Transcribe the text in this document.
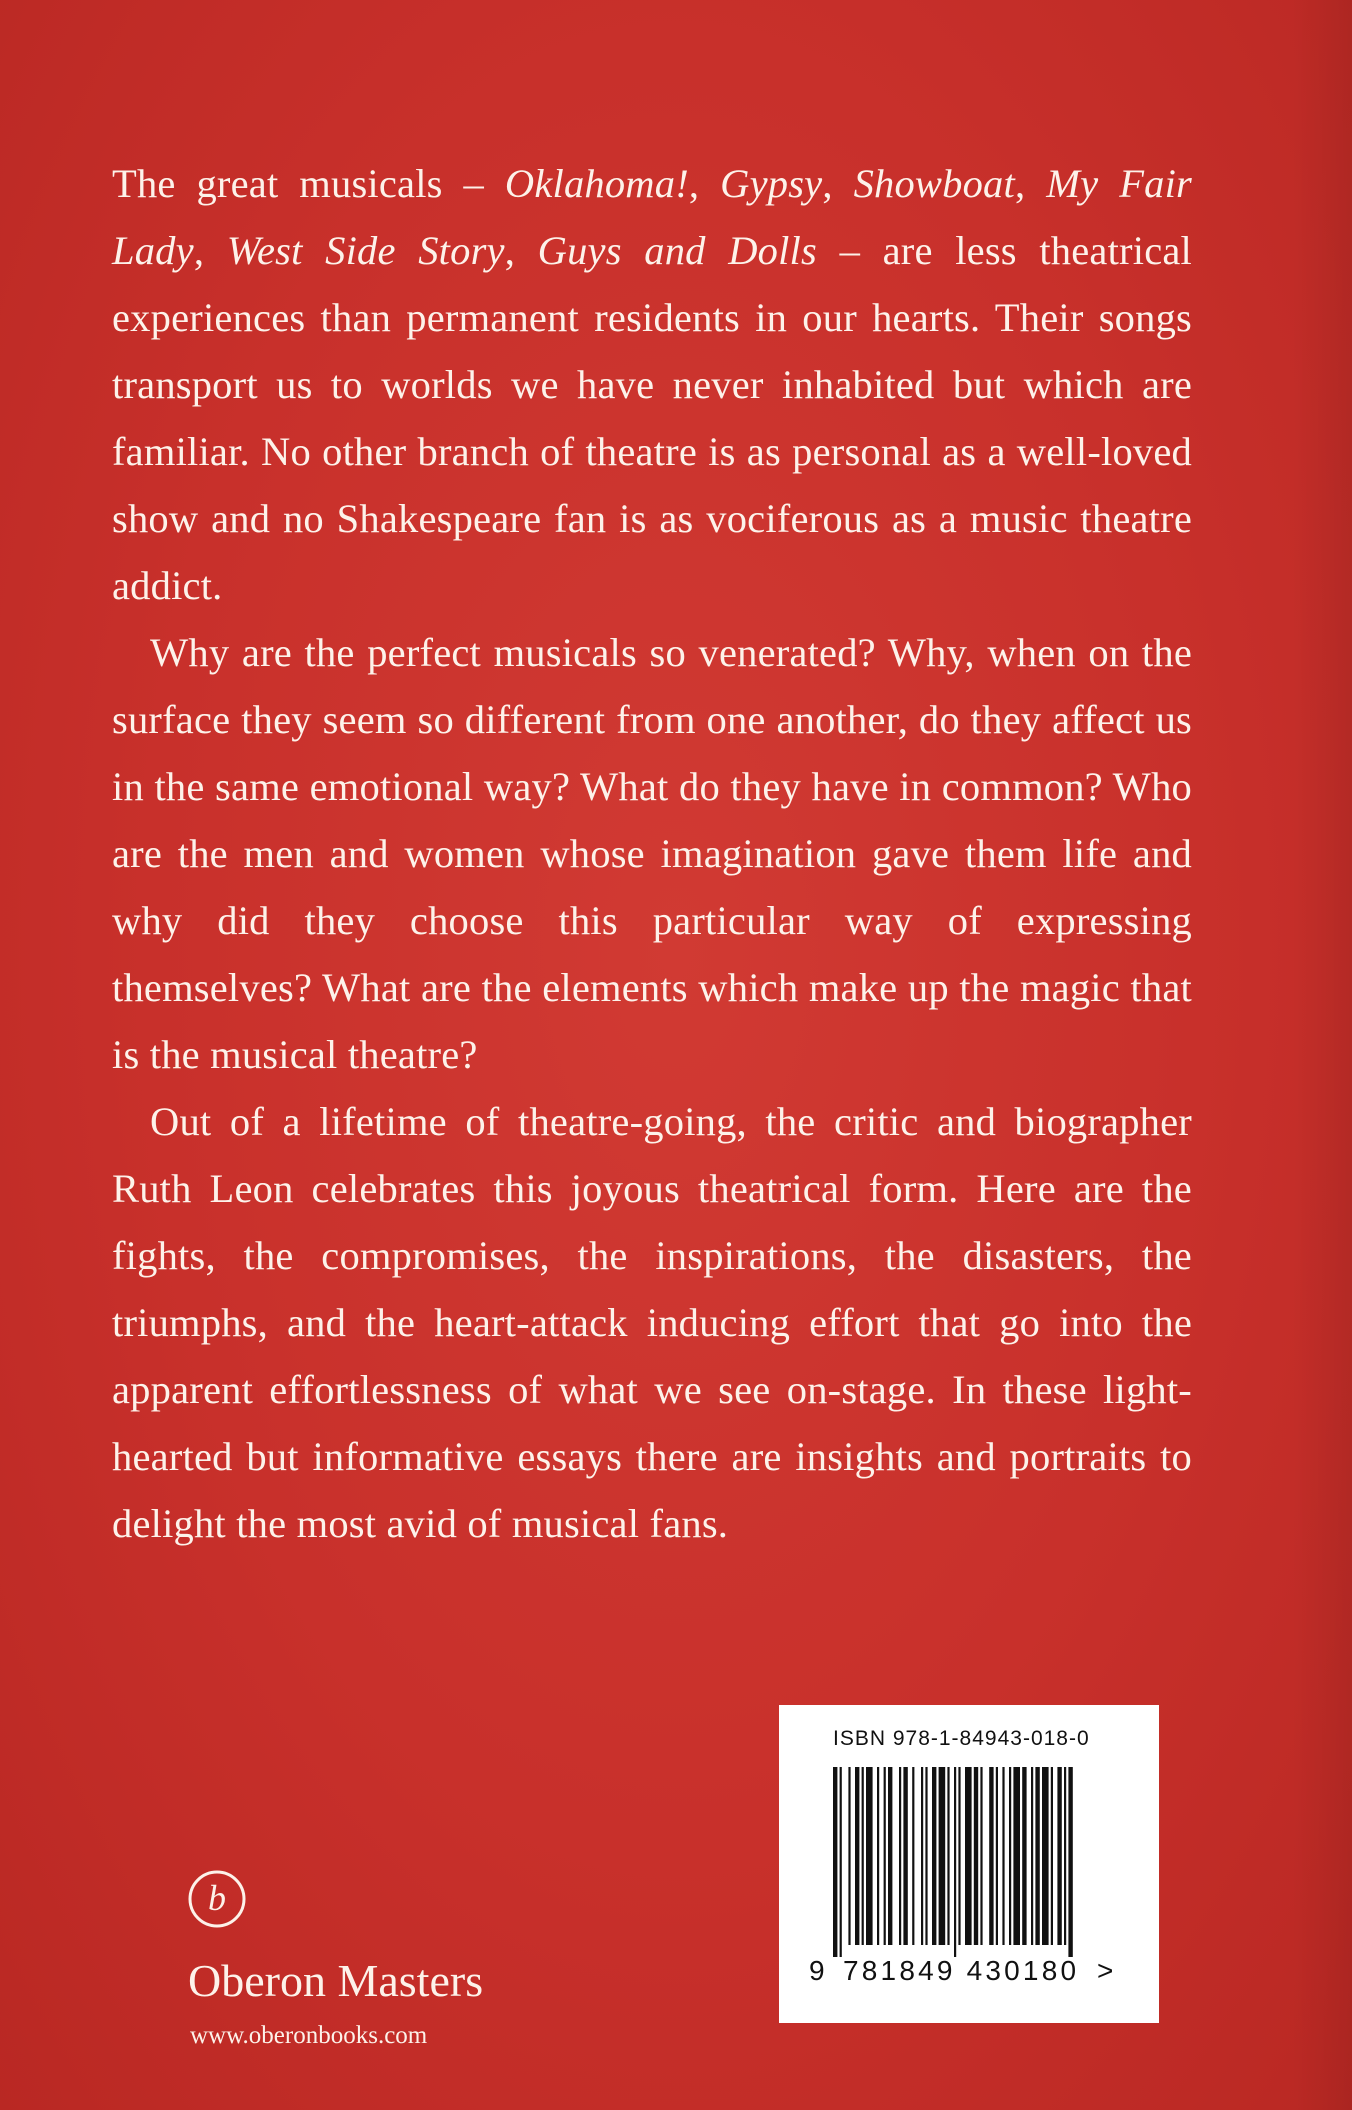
The great musicals – Oklahoma!, Gypsy, Showboat, My Fair Lady, West Side Story, Guys and Dolls – are less theatrical experiences than permanent residents in our hearts. Their songs transport us to worlds we have never inhabited but which are familiar. No other branch of theatre is as personal as a well-loved show and no Shakespeare fan is as vociferous as a music theatre addict.

Why are the perfect musicals so venerated? Why, when on the surface they seem so different from one another, do they affect us in the same emotional way? What do they have in common? Who are the men and women whose imagination gave them life and why did they choose this particular way of expressing themselves? What are the elements which make up the magic that is the musical theatre?

Out of a lifetime of theatre-going, the critic and biographer Ruth Leon celebrates this joyous theatrical form. Here are the fights, the compromises, the inspirations, the disasters, the triumphs, and the heart-attack inducing effort that go into the apparent effortlessness of what we see on-stage. In these light-hearted but informative essays there are insights and portraits to delight the most avid of musical fans.

ISBN 978-1-84943-018-0
9 781849 430180 >
b
Oberon Masters
www.oberonbooks.com
